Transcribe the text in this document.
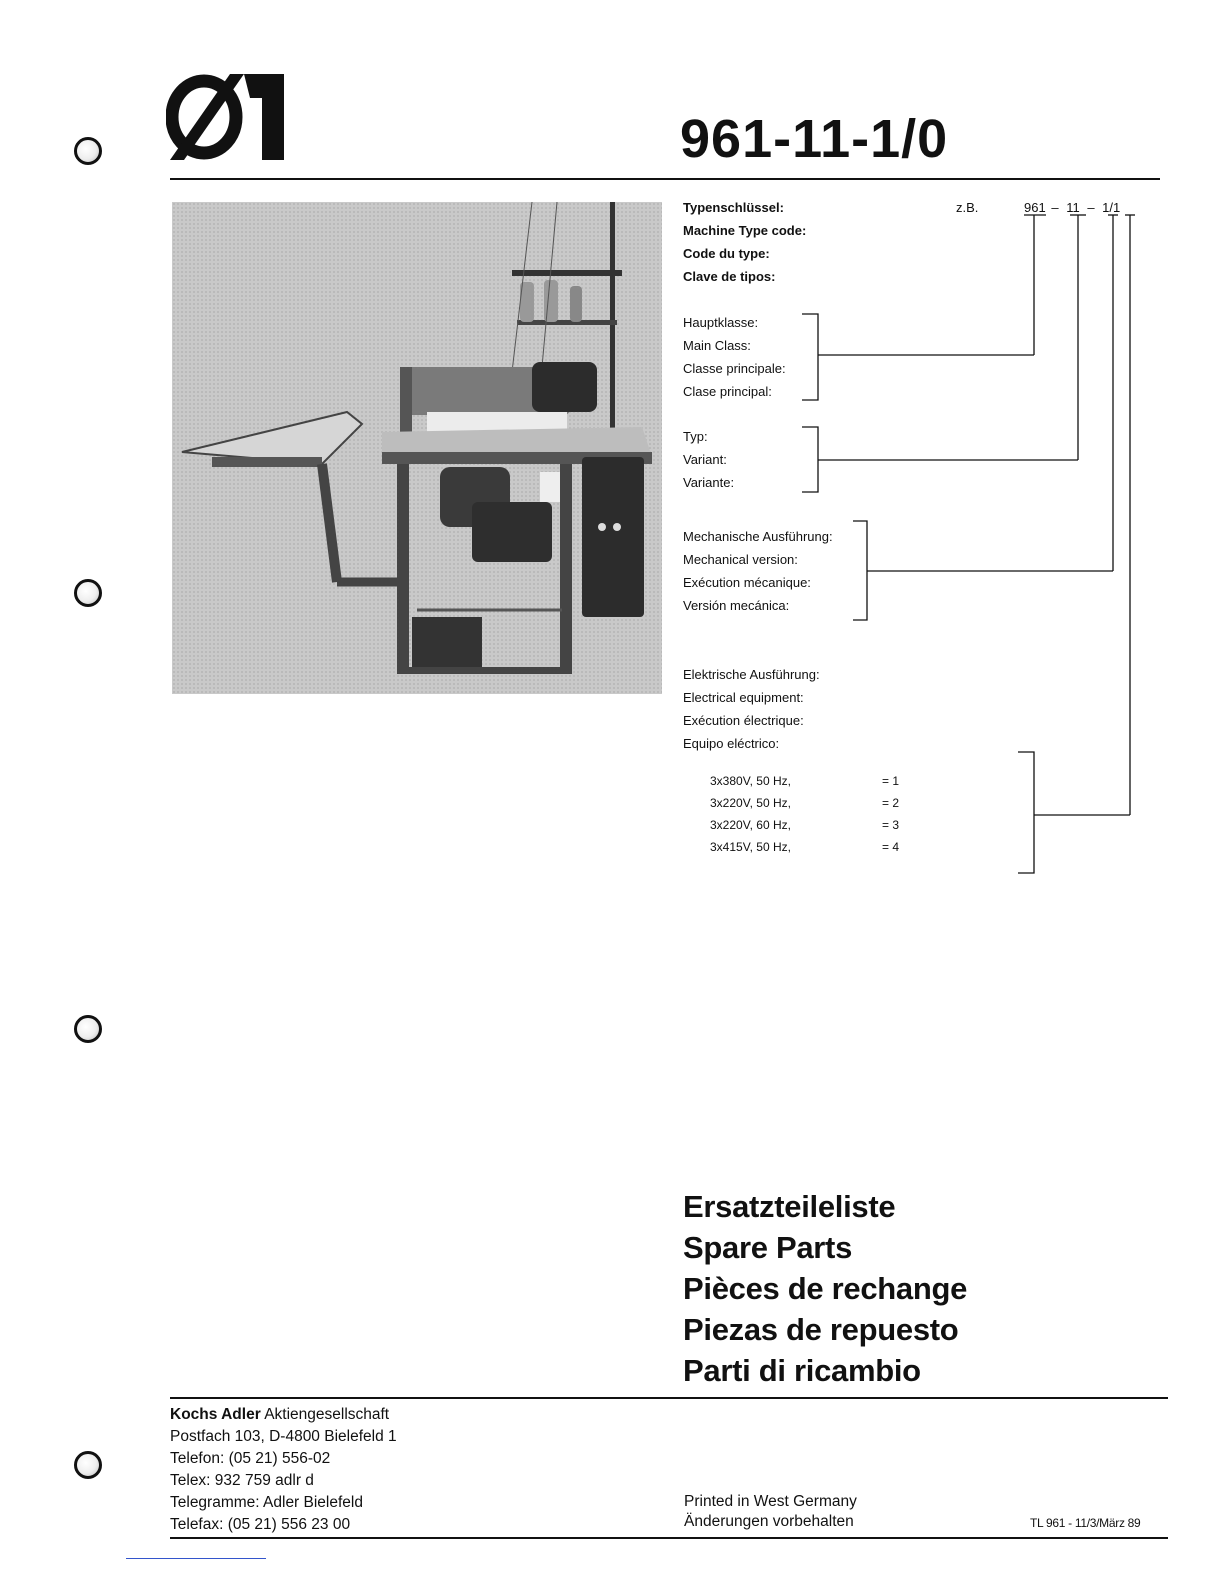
961-11-1/0
Typenschlüssel:
Machine Type code:
Code du type:
Clave de tipos:
z.B.	961 – 11 – 1/1
Hauptklasse:
Main Class:
Classe principale:
Clase principal:
Typ:
Variant:
Variante:
Mechanische Ausführung:
Mechanical version:
Exécution mécanique:
Versión mecánica:
Elektrische Ausführung:
Electrical equipment:
Exécution électrique:
Equipo eléctrico:
3x380V, 50 Hz,
3x220V, 50 Hz,
3x220V, 60 Hz,
3x415V, 50 Hz,
= 1
= 2
= 3
= 4
Ersatzteileliste
Spare Parts
Pièces de rechange
Piezas de repuesto
Parti di ricambio
Kochs Adler Aktiengesellschaft
Postfach 103, D-4800 Bielefeld 1
Telefon: (05 21) 556-02
Telex: 932 759 adlr d
Telegramme: Adler Bielefeld
Telefax: (05 21) 556 23 00
Printed in West Germany
Änderungen vorbehalten	TL 961 - 11/3/März 89
